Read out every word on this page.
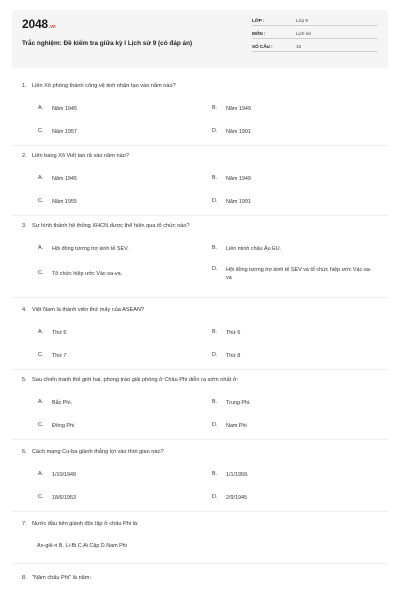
2048.vn
Trắc nghiệm: Đề kiểm tra giữa kỳ I Lịch sử 9 (có đáp án)
LỚP :	Lớp 9
MÔN :	Lịch sử
SỐ CÂU :	15
1. Liên Xô phóng thành công vệ tinh nhân tạo vào năm nào?
A. Năm 1945	B. Năm 1949
C. Năm 1957	D. Năm 1991
2. Liên bang Xô Viết tan rã vào năm nào?
A. Năm 1945	B. Năm 1949
C. Năm 1955	D. Năm 1991
3. Sự hình thành hệ thống XHCN được thể hiện qua tổ chức nào?
A. Hội đồng tương trợ kinh tế SEV.	B. Liên minh châu Âu EU.
C. Tổ chức hiệp ước Vác-sa-va.
D. Hội đồng tương trợ kinh tế SEV và tổ chức hiệp ước Vác-sa-va
4. Việt Nam là thành viên thứ mấy của ASEAN?
A. Thứ 5	B. Thứ 6
C. Thứ 7	D. Thứ 8
5. Sau chiến tranh thế giới hai, phong trào giải phóng ở Châu Phi diễn ra sớm nhất ở:
A. Bắc Phi.	B. Trung Phi.
C. Đông Phi	D. Nam Phi
6. Cách mạng Cu-ba giành thắng lợi vào thời gian nào?
A. 1/10/1949	B. 1/1/1959.
C. 18/6/1953	D. 2/9/1945
7. Nước đầu tiên giành độc lập ở châu Phi là:
An-giê-ri B. Li-Bi C.Ai Cập D.Nam Phi
8. "Năm châu Phi" là năm:
